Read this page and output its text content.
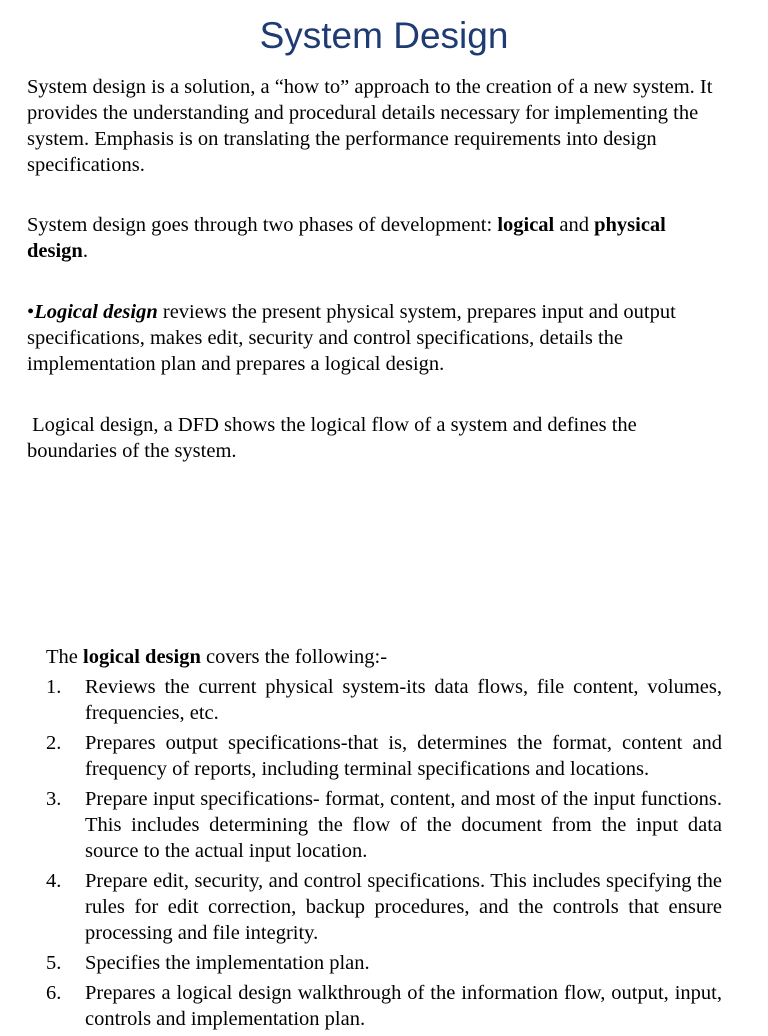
System Design
System design is a solution, a “how to” approach to the creation of a new system. It provides the understanding and procedural details necessary for implementing the system. Emphasis is on translating the performance requirements into design specifications.
System design goes through two phases of development: logical and physical design.
•Logical design reviews the present physical system, prepares input and output specifications, makes edit, security and control specifications, details the implementation plan and prepares a logical design.
Logical design, a DFD shows the logical flow of a system and defines the boundaries of the system.
The logical design covers the following:-
1. Reviews the current physical system-its data flows, file content, volumes, frequencies, etc.
2. Prepares output specifications-that is, determines the format, content and frequency of reports, including terminal specifications and locations.
3. Prepare input specifications- format, content, and most of the input functions. This includes determining the flow of the document from the input data source to the actual input location.
4. Prepare edit, security, and control specifications. This includes specifying the rules for edit correction, backup procedures, and the controls that ensure processing and file integrity.
5. Specifies the implementation plan.
6. Prepares a logical design walkthrough of the information flow, output, input, controls and implementation plan.
